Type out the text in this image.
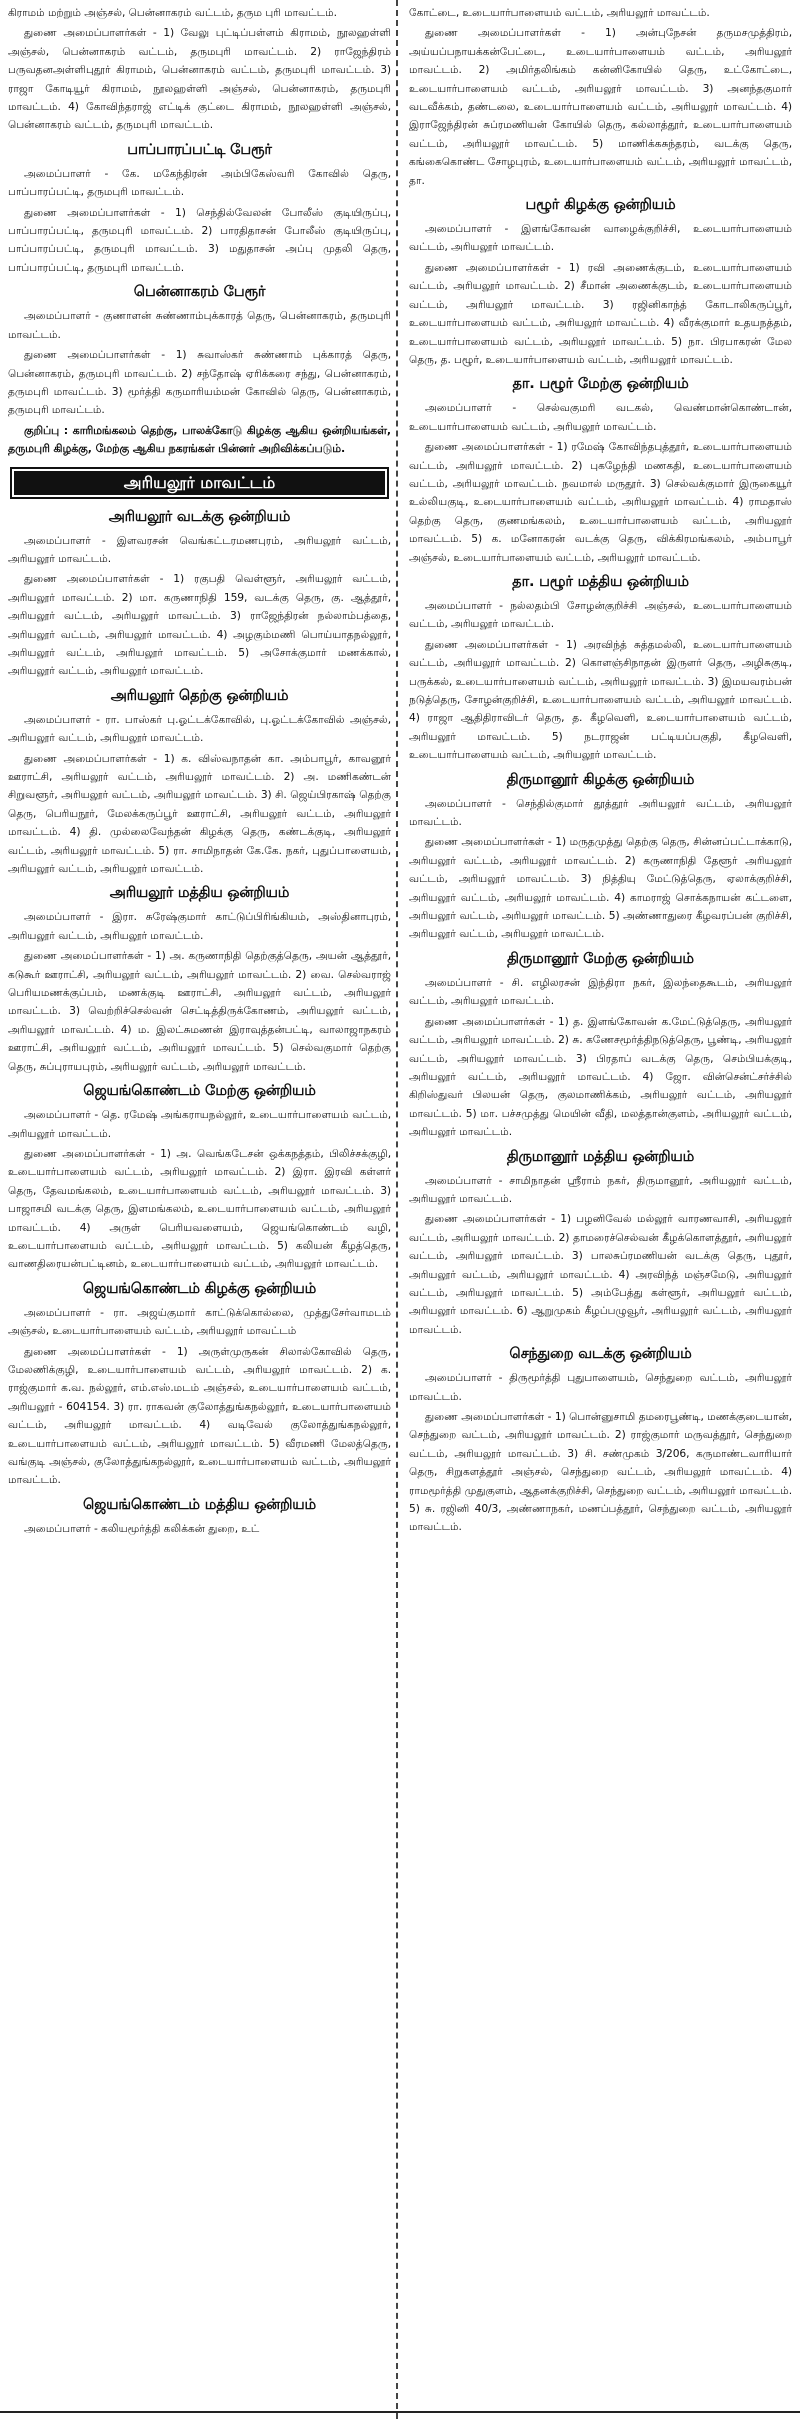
கிராமம் மற்றும் அஞ்சல், பென்னாகரம் வட்டம், தரும புரி மாவட்டம்.

துணை அமைப்பாளர்கள் - 1) வேலு புட்டிப்பள்ளம் கிராமம், நூலஹள்ளி அஞ்சல், பென்னாகரம் வட்டம், தருமபுரி மாவட்டம். 2) ராஜேந்திரம் பருவதனஅள்ளிபுதூர் கிராமம், பென்னாகரம் வட்டம், தருமபுரி மாவட்டம். 3) ராஜா கோடியூர் கிராமம், நூலஹள்ளி அஞ்சல், பென்னாகரம், தருமபுரி மாவட்டம். 4) கோவிந்தராஜ் எட்டிக் குட்டை கிராமம், நூலஹள்ளி அஞ்சல், பென்னாகரம் வட்டம், தருமபுரி மாவட்டம்.

பாப்பாரப்பட்டி பேரூர்

அமைப்பாளர் - கே. மகேந்திரன் அம்பிகேஸ்வரி கோவில் தெரு, பாப்பாரப்பட்டி, தருமபுரி மாவட்டம்.

துணை அமைப்பாளர்கள் - 1) செந்தில்வேலன் போலீஸ் குடியிருப்பு, பாப்பாரப்பட்டி, தருமபுரி மாவட்டம். 2) பாரதிதாசன் போலீஸ் குடியிருப்பு, பாப்பாரப்பட்டி, தருமபுரி மாவட்டம். 3) மதுதாசன் அப்பு முதலி தெரு, பாப்பாரப்பட்டி, தருமபுரி மாவட்டம்.

பென்னாகரம் பேரூர்

அமைப்பாளர் - குணாளன் சுண்ணாம்புக்காரத் தெரு, பென்னாகரம், தருமபுரி மாவட்டம்.

துணை அமைப்பாளர்கள் - 1) சுவாஸ்கர் சுண்ணாம் புக்காரத் தெரு, பென்னாகரம், தருமபுரி மாவட்டம். 2) சந்தோஷ் ஏரிக்கரை சந்து, பென்னாகரம், தருமபுரி மாவட்டம். 3) மூர்த்தி கருமாரியம்மன் கோவில் தெரு, பென்னாகரம், தருமபுரி மாவட்டம்.

குறிப்பு : காரிமங்கலம் தெற்கு, பாலக்கோடு கிழக்கு ஆகிய ஒன்றியங்கள், தருமபுரி கிழக்கு, மேற்கு ஆகிய நகரங்கள் பின்னர் அறிவிக்கப்படும்.

அரியலூர் மாவட்டம்
அரியலூர் வடக்கு ஒன்றியம்

அமைப்பாளர் - இளவரசன் வெங்கட்டரமணபுரம், அரியலூர் வட்டம், அரியலூர் மாவட்டம்.

துணை அமைப்பாளர்கள் - 1) ரகுபதி வெள்ளூர், அரியலூர் வட்டம், அரியலூர் மாவட்டம். 2) மா. கருணாநிதி 159, வடக்கு தெரு, கு. ஆத்தூர், அரியலூர் வட்டம், அரியலூர் மாவட்டம். 3) ராஜேந்திரன் நல்லாம்பத்தை, அரியலூர் வட்டம், அரியலூர் மாவட்டம். 4) அழகும்மணி பொய்யாதநல்லூர், அரியலூர் வட்டம், அரியலூர் மாவட்டம். 5) அசோக்குமார் மணக்கால், அரியலூர் வட்டம், அரியலூர் மாவட்டம்.

அரியலூர் தெற்கு ஒன்றியம்

அமைப்பாளர் - ரா. பாஸ்கர் பு.ஓட்டக்கோவில், பு.ஓட்டக்கோவில் அஞ்சல், அரியலூர் வட்டம், அரியலூர் மாவட்டம்.

துணை அமைப்பாளர்கள் - 1) க. விஸ்வநாதன் கா. அம்பாபூர், காவனூர் ஊராட்சி, அரியலூர் வட்டம், அரியலூர் மாவட்டம். 2) அ. மணிகண்டன் சிறுவளூர், அரியலூர் வட்டம், அரியலூர் மாவட்டம். 3) சி. ஜெய்பிரகாஷ் தெற்கு தெரு, பெரியநூர், மேலக்கருப்பூர் ஊராட்சி, அரியலூர் வட்டம், அரியலூர் மாவட்டம். 4) தி. முல்லைவேந்தன் கிழக்கு தெரு, கண்டக்குடி, அரியலூர் வட்டம், அரியலூர் மாவட்டம். 5) ரா. சாமிநாதன் கே.கே. நகர், புதுப்பாளையம், அரியலூர் வட்டம், அரியலூர் மாவட்டம்.

அரியலூர் மத்திய ஒன்றியம்

அமைப்பாளர் - இரா. சுரேஷ்குமார் காட்டுப்பிரிங்கியம், அஸ்தினாபுரம், அரியலூர் வட்டம், அரியலூர் மாவட்டம்.

துணை அமைப்பாளர்கள் - 1) அ. கருணாநிதி தெற்குத்தெரு, அயன் ஆத்தூர், கடுகூர் ஊராட்சி, அரியலூர் வட்டம், அரியலூர் மாவட்டம். 2) வை. செல்வராஜ் பெரியமணக்குப்பம், மணக்குடி ஊராட்சி, அரியலூர் வட்டம், அரியலூர் மாவட்டம். 3) வெற்றிச்செல்வன் செட்டித்திருக்கோணம், அரியலூர் வட்டம், அரியலூர் மாவட்டம். 4) ம. இலட்சுமணன் இராவுத்தன்பட்டி, வாலாஜாநகரம் ஊராட்சி, அரியலூர் வட்டம், அரியலூர் மாவட்டம். 5) செல்வகுமார் தெற்கு தெரு, சுப்புராயபுரம், அரியலூர் வட்டம், அரியலூர் மாவட்டம்.

ஜெயங்கொண்டம் மேற்கு ஒன்றியம்

அமைப்பாளர் - தெ. ரமேஷ் அங்கராயநல்லூர், உடையார்பாளையம் வட்டம், அரியலூர் மாவட்டம்.

துணை அமைப்பாளர்கள் - 1) அ. வெங்கடேசன் ஒக்கநத்தம், பிலிச்சக்குழி, உடையார்பாளையம் வட்டம், அரியலூர் மாவட்டம். 2) இரா. இரவி கள்ளர் தெரு, தேவமங்கலம், உடையார்பாளையம் வட்டம், அரியலூர் மாவட்டம். 3) பாஜாசமி வடக்கு தெரு, இளமங்கலம், உடையார்பாளையம் வட்டம், அரியலூர் மாவட்டம். 4) அருள் பெரியவளையம், ஜெயங்கொண்டம் வழி, உடையார்பாளையம் வட்டம், அரியலூர் மாவட்டம். 5) கலியன் கீழத்தெரு, வாணதிரையன்பட்டினம், உடையார்பாளையம் வட்டம், அரியலூர் மாவட்டம்.

ஜெயங்கொண்டம் கிழக்கு ஒன்றியம்

அமைப்பாளர் - ரா. அஜய்குமார் காட்டுக்கொல்லை, முத்துசேர்வாமடம் அஞ்சல், உடையார்பாளையம் வட்டம், அரியலூர் மாவட்டம்

துணை அமைப்பாளர்கள் - 1) அருள்முருகன் சிலால்கோவில் தெரு, மேலணிக்குழி, உடையார்பாளையம் வட்டம், அரியலூர் மாவட்டம். 2) க. ராஜ்குமார் க.வ. நல்லூர், எம்.எஸ்.மடம் அஞ்சல், உடையார்பாளையம் வட்டம், அரியலூர் - 604154. 3) ரா. ராகவன் குலோத்துங்கநல்லூர், உடையார்பாளையம் வட்டம், அரியலூர் மாவட்டம். 4) வடிவேல் குலோத்துங்கநல்லூர், உடையார்பாளையம் வட்டம், அரியலூர் மாவட்டம். 5) வீரமணி மேலத்தெரு, வங்குடி அஞ்சல், குலோத்துங்கநல்லூர், உடையார்பாளையம் வட்டம், அரியலூர் மாவட்டம்.

ஜெயங்கொண்டம் மத்திய ஒன்றியம்

அமைப்பாளர் - கலியமூர்த்தி கலிக்கன் துறை, உட்

கோட்டை, உடையார்பாளையம் வட்டம், அரியலூர் மாவட்டம்.

துணை அமைப்பாளர்கள் - 1) அன்புநேசன் தருமசமுத்திரம், அய்யப்பநாயக்கன்பேட்டை, உடையார்பாளையம் வட்டம், அரியலூர் மாவட்டம். 2) அமிர்தலிங்கம் கன்னிகோயில் தெரு, உட்கோட்டை, உடையார்பாளையம் வட்டம், அரியலூர் மாவட்டம். 3) அனந்தகுமார் வடவீக்கம், தண்டலை, உடையார்பாளையம் வட்டம், அரியலூர் மாவட்டம். 4) இராஜேந்திரன் சுப்ரமணியன் கோயில் தெரு, கல்லாத்தூர், உடையார்பாளையம் வட்டம், அரியலூர் மாவட்டம். 5) மாணிக்கசுந்தரம், வடக்கு தெரு, கங்கைகொண்ட சோழபுரம், உடையார்பாளையம் வட்டம், அரியலூர் மாவட்டம், தா.

பழூர் கிழக்கு ஒன்றியம்

அமைப்பாளர் - இளங்கோவன் வாழைக்குறிச்சி, உடையார்பாளையம் வட்டம், அரியலூர் மாவட்டம்.

துணை அமைப்பாளர்கள் - 1) ரவி அணைக்குடம், உடையார்பாளையம் வட்டம், அரியலூர் மாவட்டம். 2) சீமான் அணைக்குடம், உடையார்பாளையம் வட்டம், அரியலூர் மாவட்டம். 3) ரஜினிகாந்த் கோடாலிகருப்பூர், உடையார்பாளையம் வட்டம், அரியலூர் மாவட்டம். 4) வீரக்குமார் உதயநத்தம், உடையார்பாளையம் வட்டம், அரியலூர் மாவட்டம். 5) நா. பிரபாகரன் மேல தெரு, த. பழூர், உடையார்பாளையம் வட்டம், அரியலூர் மாவட்டம்.

தா. பழூர் மேற்கு ஒன்றியம்

அமைப்பாளர் - செல்வகுமரி வடகல், வெண்மான்கொண்டான், உடையார்பாளையம் வட்டம், அரியலூர் மாவட்டம்.

துணை அமைப்பாளர்கள் - 1) ரமேஷ் கோவிந்தபுத்தூர், உடையார்பாளையம் வட்டம், அரியலூர் மாவட்டம். 2) புகழேந்தி மணகதி, உடையார்பாளையம் வட்டம், அரியலூர் மாவட்டம். நவமால் மருதூர். 3) செல்வக்குமார் இருகையூர் உல்லியகுடி, உடையார்பாளையம் வட்டம், அரியலூர் மாவட்டம். 4) ராமதாஸ் தெற்கு தெரு, குணமங்கலம், உடையார்பாளையம் வட்டம், அரியலூர் மாவட்டம். 5) க. மனோகரன் வடக்கு தெரு, விக்கிரமங்கலம், அம்பாபூர் அஞ்சல், உடையார்பாளையம் வட்டம், அரியலூர் மாவட்டம்.

தா. பழூர் மத்திய ஒன்றியம்

அமைப்பாளர் - நல்லதம்பி சோழன்குறிச்சி அஞ்சல், உடையார்பாளையம் வட்டம், அரியலூர் மாவட்டம்.

துணை அமைப்பாளர்கள் - 1) அரவிந்த் சுத்தமல்லி, உடையார்பாளையம் வட்டம், அரியலூர் மாவட்டம். 2) கொளஞ்சிநாதன் இருளர் தெரு, அழிசுகுடி, பருக்கல், உடையார்பாளையம் வட்டம், அரியலூர் மாவட்டம். 3) இமயவரம்பன் நடுத்தெரு, சோழன்குறிச்சி, உடையார்பாளையம் வட்டம், அரியலூர் மாவட்டம். 4) ராஜா ஆதிதிராவிடர் தெரு, த. கீழவெளி, உடையார்பாளையம் வட்டம், அரியலூர் மாவட்டம். 5) நடராஜன் பட்டியப்பகுதி, கீழவெளி, உடையார்பாளையம் வட்டம், அரியலூர் மாவட்டம்.

திருமானூர் கிழக்கு ஒன்றியம்

அமைப்பாளர் - செந்தில்குமார் தூத்தூர் அரியலூர் வட்டம், அரியலூர் மாவட்டம்.

துணை அமைப்பாளர்கள் - 1) மருதமுத்து தெற்கு தெரு, சின்னப்பட்டாக்காடு, அரியலூர் வட்டம், அரியலூர் மாவட்டம். 2) கருணாநிதி தேளூர் அரியலூர் வட்டம், அரியலூர் மாவட்டம். 3) நித்தியு மேட்டுத்தெரு, ஏலாக்குறிச்சி, அரியலூர் வட்டம், அரியலூர் மாவட்டம். 4) காமராஜ் சொக்கநாயன் கட்டளை, அரியலூர் வட்டம், அரியலூர் மாவட்டம். 5) அண்ணாதுரை கீழவரப்பன் குறிச்சி, அரியலூர் வட்டம், அரியலூர் மாவட்டம்.

திருமானூர் மேற்கு ஒன்றியம்

அமைப்பாளர் - சி. எழிலரசன் இந்திரா நகர், இலந்தைகூடம், அரியலூர் வட்டம், அரியலூர் மாவட்டம்.

துணை அமைப்பாளர்கள் - 1) த. இளங்கோவன் க.மேட்டுத்தெரு, அரியலூர் வட்டம், அரியலூர் மாவட்டம். 2) சு. கணேசமூர்த்திநடுத்தெரு, பூண்டி, அரியலூர் வட்டம், அரியலூர் மாவட்டம். 3) பிரதாப் வடக்கு தெரு, செம்பியக்குடி, அரியலூர் வட்டம், அரியலூர் மாவட்டம். 4) ஜோ. வின்சென்ட்சர்ச்சில் கிறிஸ்துவர் பிலயன் தெரு, குலமாணிக்கம், அரியலூர் வட்டம், அரியலூர் மாவட்டம். 5) மா. பச்சமுத்து மெயின் வீதி, மலத்தான்குளம், அரியலூர் வட்டம், அரியலூர் மாவட்டம்.

திருமானூர் மத்திய ஒன்றியம்

அமைப்பாளர் - சாமிநாதன் ஸ்ரீராம் நகர், திருமானூர், அரியலூர் வட்டம், அரியலூர் மாவட்டம்.

துணை அமைப்பாளர்கள் - 1) பழனிவேல் மல்லூர் வாரணவாசி, அரியலூர் வட்டம், அரியலூர் மாவட்டம். 2) தாமரைச்செல்வன் கீழக்கொளத்தூர், அரியலூர் வட்டம், அரியலூர் மாவட்டம். 3) பாலசுப்ரமணியன் வடக்கு தெரு, புதூர், அரியலூர் வட்டம், அரியலூர் மாவட்டம். 4) அரவிந்த் மஞ்சமேடு, அரியலூர் வட்டம், அரியலூர் மாவட்டம். 5) அம்பேத்து கள்ளூர், அரியலூர் வட்டம், அரியலூர் மாவட்டம். 6) ஆறுமுகம் கீழப்பழுவூர், அரியலூர் வட்டம், அரியலூர் மாவட்டம்.

செந்துறை வடக்கு ஒன்றியம்

அமைப்பாளர் - திருமூர்த்தி புதுபாளையம், செந்துறை வட்டம், அரியலூர் மாவட்டம்.

துணை அமைப்பாளர்கள் - 1) பொன்னுசாமி தமரைபூண்டி, மணக்குடையான், செந்துறை வட்டம், அரியலூர் மாவட்டம். 2) ராஜ்குமார் மருவத்தூர், செந்துறை வட்டம், அரியலூர் மாவட்டம். 3) சி. சண்முகம் 3/206, கருமாண்டவாரியார் தெரு, சிறுகளத்தூர் அஞ்சல், செந்துறை வட்டம், அரியலூர் மாவட்டம். 4) ராமமூர்த்தி முதுகுளம், ஆதனக்குறிச்சி, செந்துறை வட்டம், அரியலூர் மாவட்டம். 5) சு. ரஜினி 40/3, அண்ணாநகர், மணப்பத்தூர், செந்துறை வட்டம், அரியலூர் மாவட்டம்.
